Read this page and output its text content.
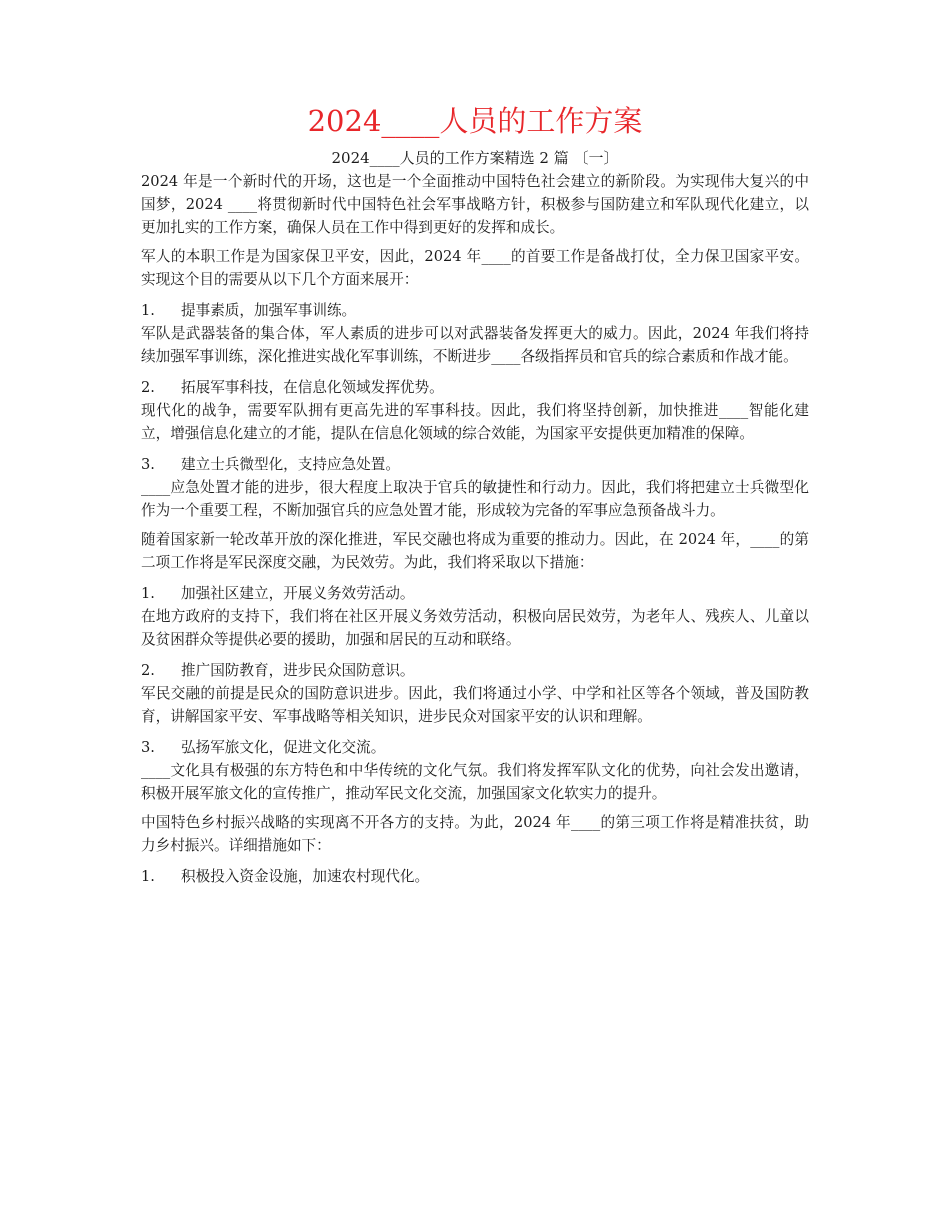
2024____人员的工作方案
2024____人员的工作方案精选 2 篇 〔一〕

2024 年是一个新时代的开场，这也是一个全面推动中国特色社会建立的新阶段。为实现伟大复兴的中国梦，2024 ____将贯彻新时代中国特色社会军事战略方针，积极参与国防建立和军队现代化建立，以更加扎实的工作方案，确保人员在工作中得到更好的发挥和成长。

军人的本职工作是为国家保卫平安，因此，2024 年____的首要工作是备战打仗，全力保卫国家平安。实现这个目的需要从以下几个方面来展开：

1.	提事素质，加强军事训练。

军队是武器装备的集合体，军人素质的进步可以对武器装备发挥更大的威力。因此，2024 年我们将持续加强军事训练，深化推进实战化军事训练，不断进步____各级指挥员和官兵的综合素质和作战才能。

2.	拓展军事科技，在信息化领域发挥优势。

现代化的战争，需要军队拥有更高先进的军事科技。因此，我们将坚持创新，加快推进____智能化建立，增强信息化建立的才能，提队在信息化领域的综合效能，为国家平安提供更加精准的保障。

3.	建立士兵微型化，支持应急处置。

____应急处置才能的进步，很大程度上取决于官兵的敏捷性和行动力。因此，我们将把建立士兵微型化作为一个重要工程，不断加强官兵的应急处置才能，形成较为完备的军事应急预备战斗力。

随着国家新一轮改革开放的深化推进，军民交融也将成为重要的推动力。因此，在 2024 年，____的第二项工作将是军民深度交融，为民效劳。为此，我们将采取以下措施：

1.	加强社区建立，开展义务效劳活动。

在地方政府的支持下，我们将在社区开展义务效劳活动，积极向居民效劳，为老年人、残疾人、儿童以及贫困群众等提供必要的援助，加强和居民的互动和联络。

2.	推广国防教育，进步民众国防意识。

军民交融的前提是民众的国防意识进步。因此，我们将通过小学、中学和社区等各个领域，普及国防教育，讲解国家平安、军事战略等相关知识，进步民众对国家平安的认识和理解。

3.	弘扬军旅文化，促进文化交流。

____文化具有极强的东方特色和中华传统的文化气氛。我们将发挥军队文化的优势，向社会发出邀请，积极开展军旅文化的宣传推广，推动军民文化交流，加强国家文化软实力的提升。

中国特色乡村振兴战略的实现离不开各方的支持。为此，2024 年____的第三项工作将是精准扶贫，助力乡村振兴。详细措施如下：

1.	积极投入资金设施，加速农村现代化。
